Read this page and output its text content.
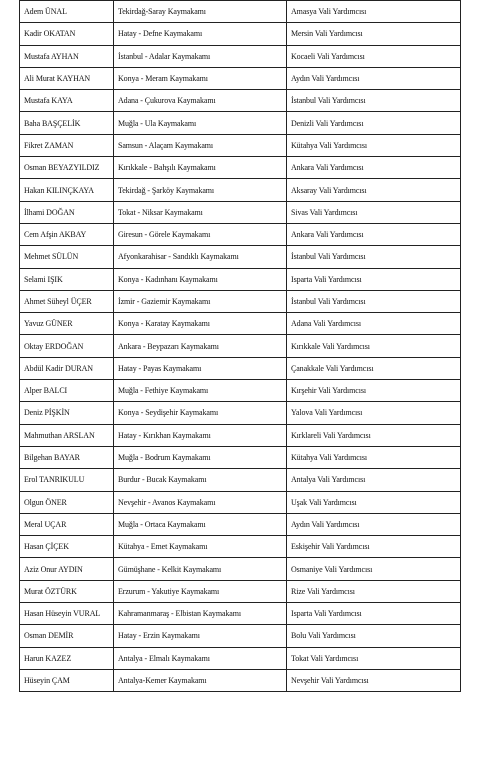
Adem ÜNAL	Tekirdağ-Saray Kaymakamı	Amasya Vali Yardımcısı
Kadir OKATAN	Hatay - Defne Kaymakamı	Mersin Vali Yardımcısı
Mustafa AYHAN	İstanbul - Adalar Kaymakamı	Kocaeli Vali Yardımcısı
Ali Murat KAYHAN	Konya - Meram Kaymakamı	Aydın Vali Yardımcısı
Mustafa KAYA	Adana - Çukurova Kaymakamı	İstanbul Vali Yardımcısı
Baha BAŞÇELİK	Muğla - Ula Kaymakamı	Denizli Vali Yardımcısı
Fikret ZAMAN	Samsun - Alaçam Kaymakamı	Kütahya Vali Yardımcısı
Osman BEYAZYILDIZ	Kırıkkale - Bahşılı Kaymakamı	Ankara Vali Yardımcısı
Hakan KILINÇKAYA	Tekirdağ - Şarköy Kaymakamı	Aksaray Vali Yardımcısı
İlhami DOĞAN	Tokat - Niksar Kaymakamı	Sivas Vali Yardımcısı
Cem Afşin AKBAY	Giresun - Görele Kaymakamı	Ankara Vali Yardımcısı
Mehmet SÜLÜN	Afyonkarahisar - Sandıklı Kaymakamı	İstanbul Vali Yardımcısı
Selami IŞIK	Konya - Kadınhanı Kaymakamı	Isparta Vali Yardımcısı
Ahmet Süheyl ÜÇER	İzmir - Gaziemir Kaymakamı	İstanbul Vali Yardımcısı
Yavuz GÜNER	Konya - Karatay Kaymakamı	Adana Vali Yardımcısı
Oktay ERDOĞAN	Ankara - Beypazarı Kaymakamı	Kırıkkale Vali Yardımcısı
Abdül Kadir DURAN	Hatay - Payas Kaymakamı	Çanakkale Vali Yardımcısı
Alper BALCI	Muğla - Fethiye Kaymakamı	Kırşehir Vali Yardımcısı
Deniz PİŞKİN	Konya - Seydişehir Kaymakamı	Yalova Vali Yardımcısı
Mahmuthan ARSLAN	Hatay - Kırıkhan Kaymakamı	Kırklareli Vali Yardımcısı
Bilgehan BAYAR	Muğla - Bodrum Kaymakamı	Kütahya Vali Yardımcısı
Erol TANRIKULU	Burdur - Bucak Kaymakamı	Antalya Vali Yardımcısı
Olgun ÖNER	Nevşehir - Avanos Kaymakamı	Uşak Vali Yardımcısı
Meral UÇAR	Muğla - Ortaca Kaymakamı	Aydın Vali Yardımcısı
Hasan ÇİÇEK	Kütahya - Emet Kaymakamı	Eskişehir Vali Yardımcısı
Aziz Onur AYDIN	Gümüşhane - Kelkit Kaymakamı	Osmaniye Vali Yardımcısı
Murat ÖZTÜRK	Erzurum - Yakutiye Kaymakamı	Rize Vali Yardımcısı
Hasan Hüseyin VURAL	Kahramanmaraş - Elbistan Kaymakamı	Isparta Vali Yardımcısı
Osman DEMİR	Hatay - Erzin Kaymakamı	Bolu Vali Yardımcısı
Harun KAZEZ	Antalya - Elmalı Kaymakamı	Tokat Vali Yardımcısı
Hüseyin ÇAM	Antalya-Kemer Kaymakamı	Nevşehir Vali Yardımcısı
